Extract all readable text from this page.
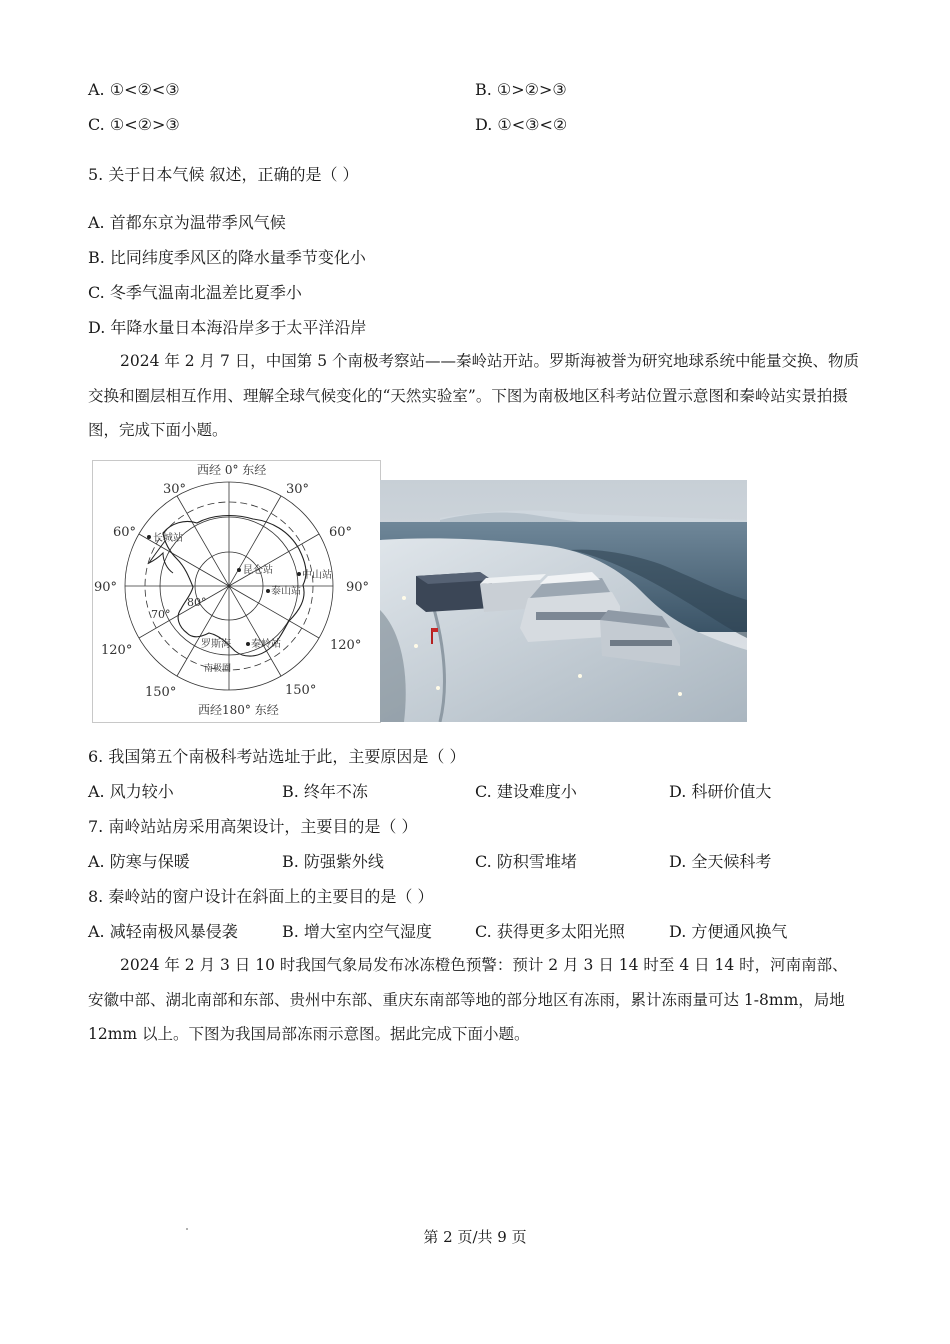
A. ①<②<③	B. ①>②>③
C. ①<②>③	D. ①<③<②
5. 关于日本气候 叙述，正确的是（ ）
A. 首都东京为温带季风气候
B. 比同纬度季风区的降水量季节变化小
C. 冬季气温南北温差比夏季小
D. 年降水量日本海沿岸多于太平洋沿岸
2024 年 2 月 7 日，中国第 5 个南极考察站——秦岭站开站。罗斯海被誉为研究地球系统中能量交换、物质交换和圈层相互作用、理解全球气候变化的“天然实验室”。下图为南极地区科考站位置示意图和秦岭站实景拍摄图，完成下面小题。
西经 0° 东经
30°	30°
60°	60°
90°	90°
120°	120°
150°	150°
西经180° 东经
70°
80°
长城站
昆仑站	中山站
泰山站
秦岭站
罗斯海
南极圈
6. 我国第五个南极科考站选址于此，主要原因是（ ）
A. 风力较小	B. 终年不冻	C. 建设难度小	D. 科研价值大
7. 南岭站站房采用高架设计，主要目的是（ ）
A. 防寒与保暖	B. 防强紫外线	C. 防积雪堆堵	D. 全天候科考
8. 秦岭站的窗户设计在斜面上的主要目的是（ ）
A. 减轻南极风暴侵袭	B. 增大室内空气湿度	C. 获得更多太阳光照	D. 方便通风换气
2024 年 2 月 3 日 10 时我国气象局发布冰冻橙色预警：预计 2 月 3 日 14 时至 4 日 14 时，河南南部、安徽中部、湖北南部和东部、贵州中东部、重庆东南部等地的部分地区有冻雨，累计冻雨量可达 1-8mm，局地 12mm 以上。下图为我国局部冻雨示意图。据此完成下面小题。
第 2 页/共 9 页
